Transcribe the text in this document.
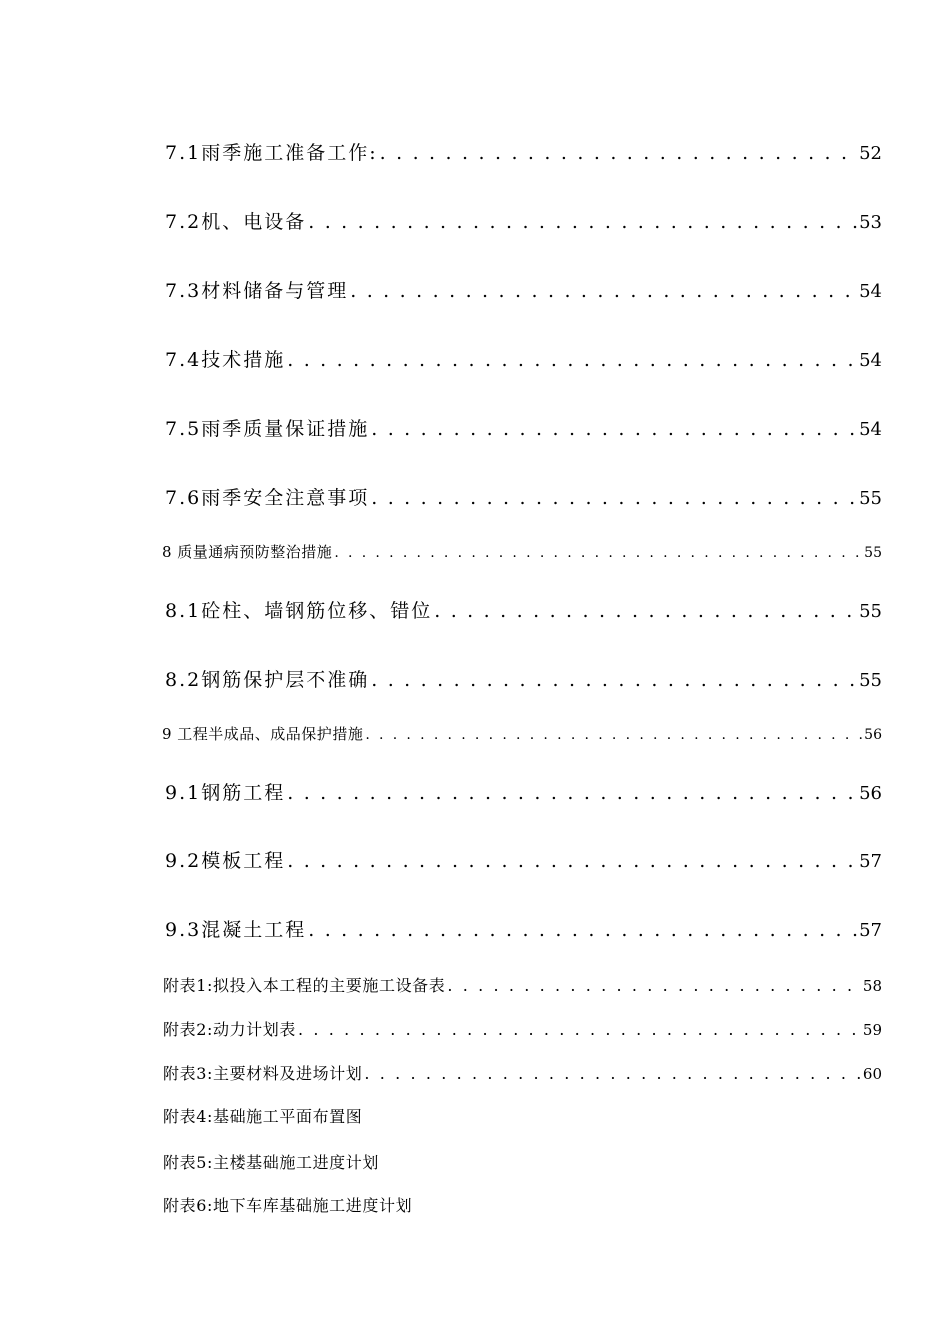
7.1雨季施工准备工作: . . .	52
7.2机、电设备 . . .	53
7.3材料储备与管理 . . .	54
7.4技术措施 . . .	54
7.5雨季质量保证措施 . . .	54
7.6雨季安全注意事项 . . .	55
8 质量通病预防整治措施 . . .	55
8.1砼柱、墙钢筋位移、错位 . . .	55
8.2钢筋保护层不准确 . . .	55
9 工程半成品、成品保护措施 . . .	56
9.1钢筋工程 . . .	56
9.2模板工程 . . .	57
9.3混凝土工程 . . .	57
附表1:拟投入本工程的主要施工设备表 . . .	58
附表2:动力计划表 . . .	59
附表3:主要材料及进场计划 . . .	60
附表4:基础施工平面布置图
附表5:主楼基础施工进度计划
附表6:地下车库基础施工进度计划
